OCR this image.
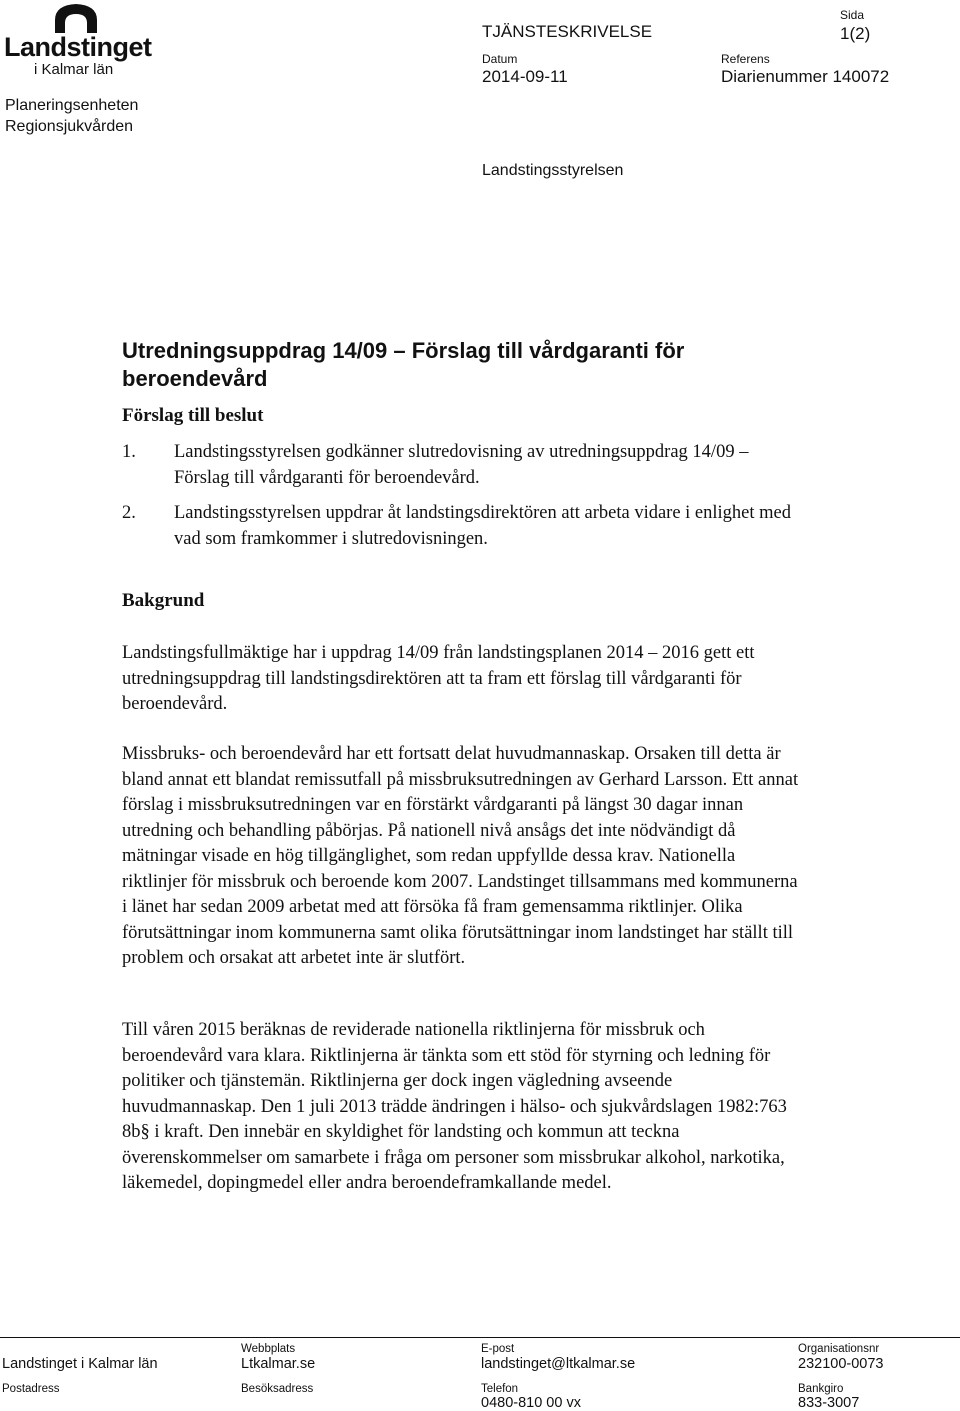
Landstinget
i Kalmar län
Planeringsenheten
Regionsjukvården
TJÄNSTESKRIVELSE
Sida
1(2)
Datum
2014-09-11
Referens
Diarienummer 140072
Landstingsstyrelsen
Utredningsuppdrag 14/09 – Förslag till vårdgaranti för beroendevård
Förslag till beslut
1. Landstingsstyrelsen godkänner slutredovisning av utredningsuppdrag 14/09 – Förslag till vårdgaranti för beroendevård.
2. Landstingsstyrelsen uppdrar åt landstingsdirektören att arbeta vidare i enlighet med vad som framkommer i slutredovisningen.
Bakgrund

Landstingsfullmäktige har i uppdrag 14/09 från landstingsplanen 2014 – 2016 gett ett utredningsuppdrag till landstingsdirektören att ta fram ett förslag till vårdgaranti för beroendevård.

Missbruks- och beroendevård har ett fortsatt delat huvudmannaskap. Orsaken till detta är bland annat ett blandat remissutfall på missbruksutredningen av Gerhard Larsson. Ett annat förslag i missbruksutredningen var en förstärkt vårdgaranti på längst 30 dagar innan utredning och behandling påbörjas. På nationell nivå ansågs det inte nödvändigt då mätningar visade en hög tillgänglighet, som redan uppfyllde dessa krav. Nationella riktlinjer för missbruk och beroende kom 2007. Landstinget tillsammans med kommunerna i länet har sedan 2009 arbetat med att försöka få fram gemensamma riktlinjer. Olika förutsättningar inom kommunerna samt olika förutsättningar inom landstinget har ställt till problem och orsakat att arbetet inte är slutfört.

Till våren 2015 beräknas de reviderade nationella riktlinjerna för missbruk och beroendevård vara klara. Riktlinjerna är tänkta som ett stöd för styrning och ledning för politiker och tjänstemän. Riktlinjerna ger dock ingen vägledning avseende huvudmannaskap. Den 1 juli 2013 trädde ändringen i hälso- och sjukvårdslagen 1982:763 8b§ i kraft. Den innebär en skyldighet för landsting och kommun att teckna överenskommelser om samarbete i fråga om personer som missbrukar alkohol, narkotika, läkemedel, dopingmedel eller andra beroendeframkallande medel.

Landstinget i Kalmar län
Postadress
Webbplats
Ltkalmar.se
Besöksadress
E-post
landstinget@ltkalmar.se
Telefon
0480-810 00 vx
Organisationsnr
232100-0073
Bankgiro
833-3007
